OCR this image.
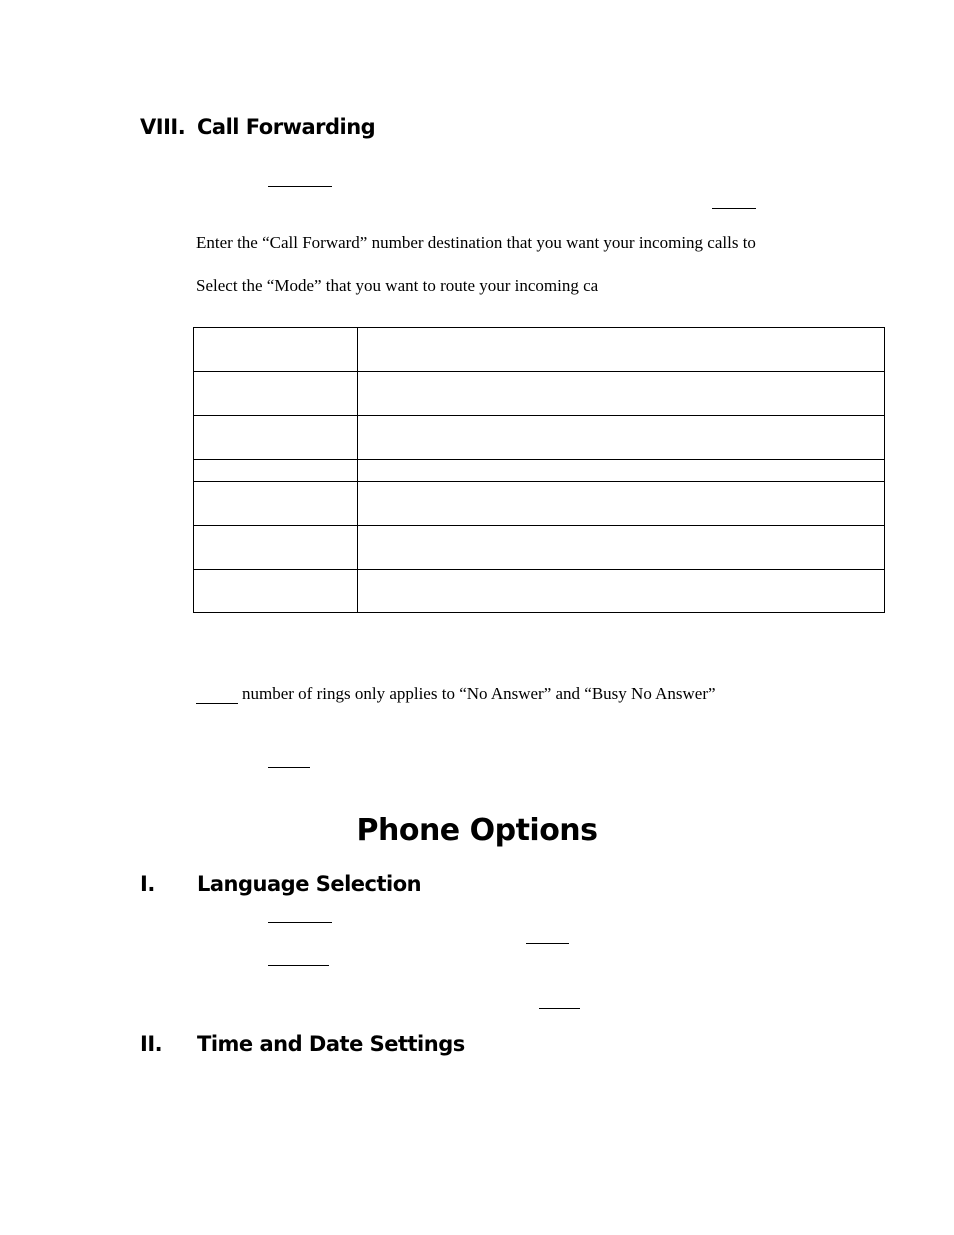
VIII. Call Forwarding
Enter the “Call Forward” number destination that you want your incoming calls to
Select the “Mode” that you want to route your incoming ca

number of rings only applies to “No Answer” and “Busy No Answer”
Phone Options
I. Language Selection
II. Time and Date Settings
